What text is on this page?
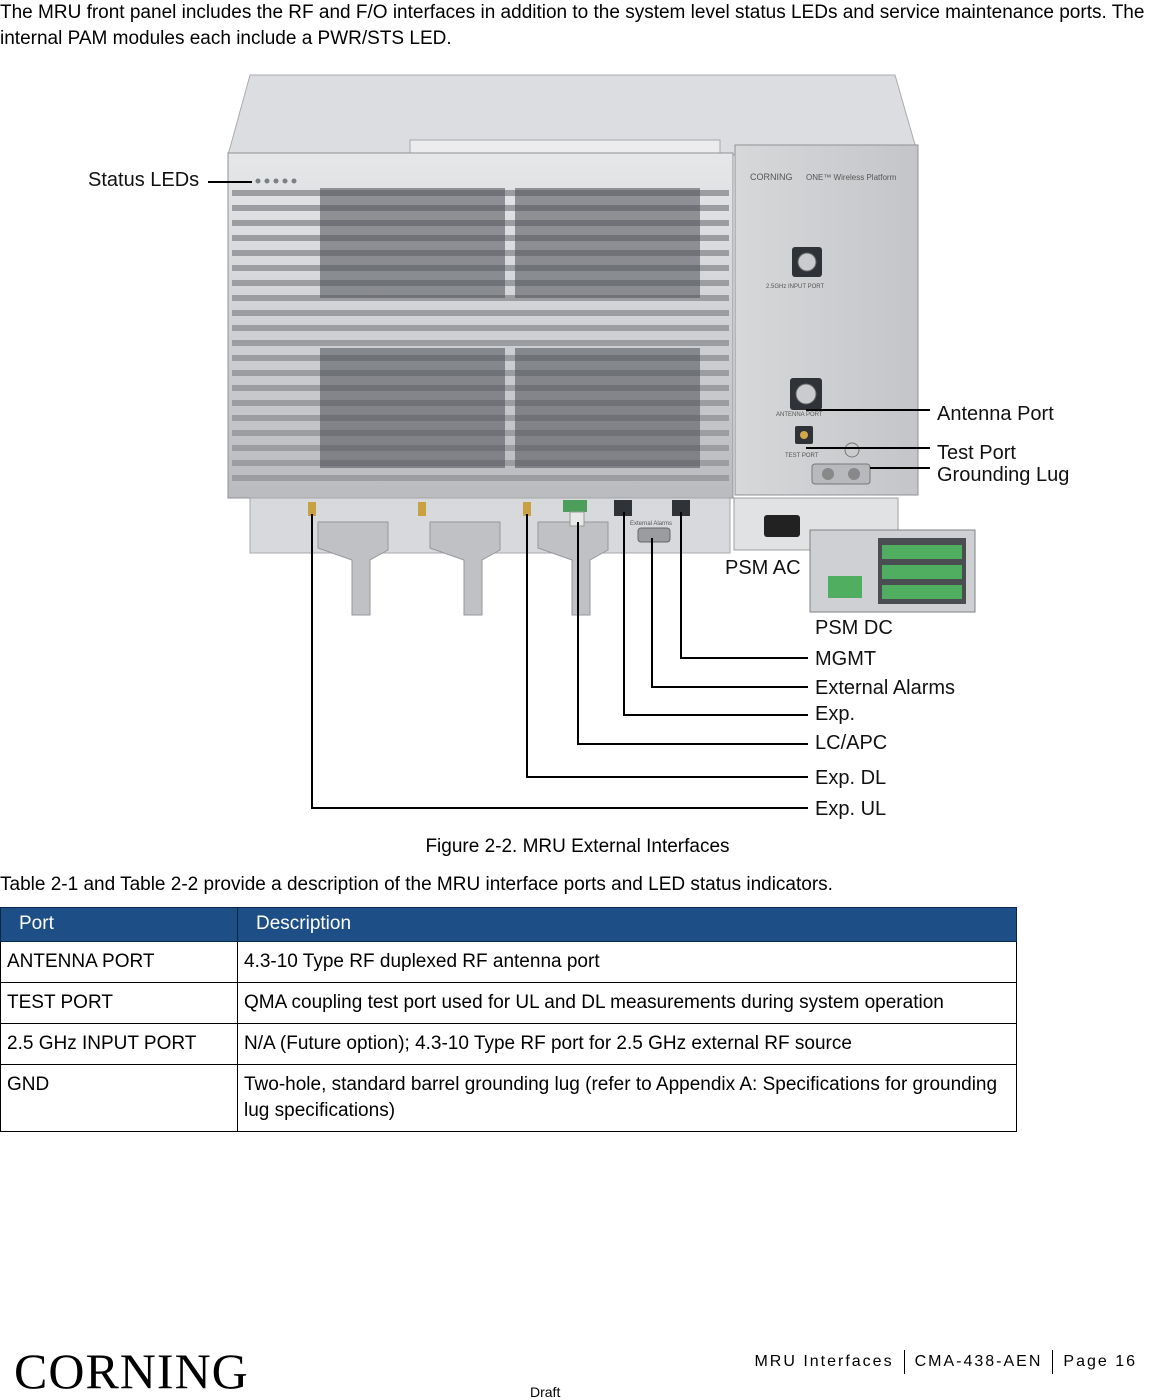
The MRU front panel includes the RF and F/O interfaces in addition to the system level status LEDs and service maintenance ports. The internal PAM modules each include a PWR/STS LED.

CORNING ONE™ Wireless Platform
2.5GHz INPUT PORT
ANTENNA PORT
TEST PORT
External Alarms
Status LEDs
Antenna Port
Test Port
Grounding Lug
PSM AC
PSM DC
MGMT
External Alarms
Exp.
LC/APC
Exp. DL
Exp. UL

Figure 2-2. MRU External Interfaces

Table 2-1 and Table 2-2 provide a description of the MRU interface ports and LED status indicators.

Port	Description
ANTENNA PORT	4.3-10 Type RF duplexed RF antenna port
TEST PORT	QMA coupling test port used for UL and DL measurements during system operation
2.5 GHz INPUT PORT	N/A (Future option); 4.3-10 Type RF port for 2.5 GHz external RF source
GND	Two-hole, standard barrel grounding lug (refer to Appendix A: Specifications for grounding lug specifications)
CORNING	MRU Interfaces	CMA-438-AEN	Page 16
Draft
